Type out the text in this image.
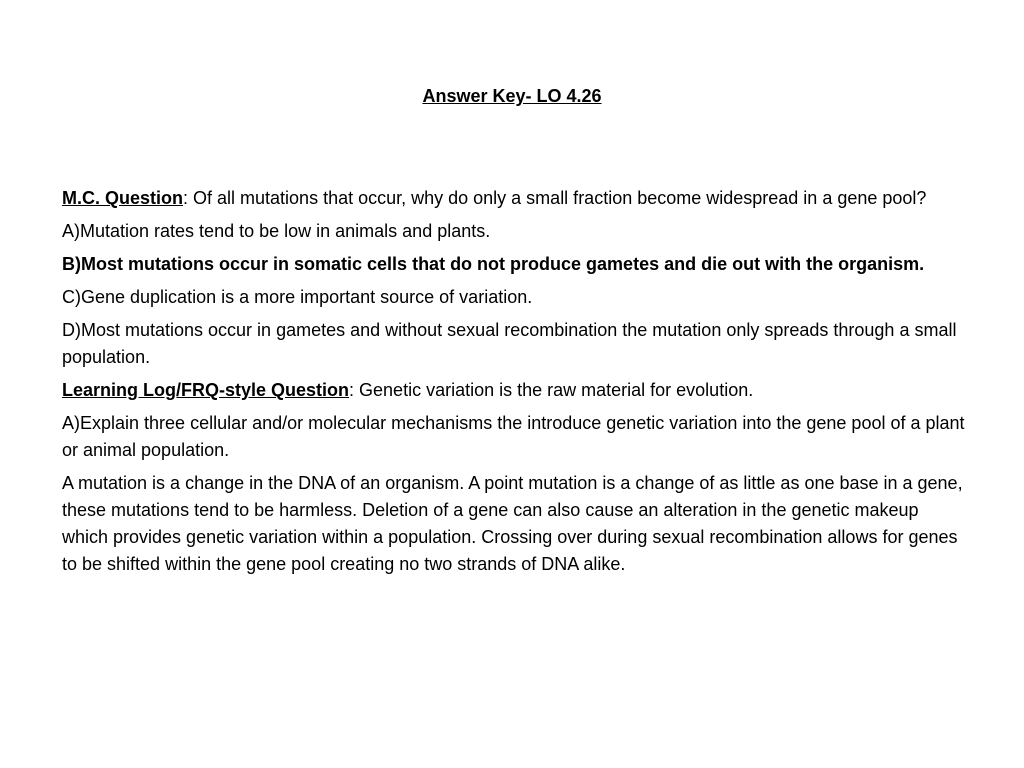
Answer Key- LO 4.26

M.C. Question: Of all mutations that occur, why do only a small fraction become widespread in a gene pool?

A)Mutation rates tend to be low in animals and plants.

B)Most mutations occur in somatic cells that do not produce gametes and die out with the organism.

C)Gene duplication is a more important source of variation.

D)Most mutations occur in gametes and without sexual recombination the mutation only spreads through a small population.

Learning Log/FRQ-style Question: Genetic variation is the raw material for evolution.

A)Explain three cellular and/or molecular mechanisms the introduce genetic variation into the gene pool of a plant or animal population.

A mutation is a change in the DNA of an organism. A point mutation is a change of as little as one base in a gene, these mutations tend to be harmless. Deletion of a gene can also cause an alteration in the genetic makeup which provides genetic variation within a population. Crossing over during sexual recombination allows for genes to be shifted within the gene pool creating no two strands of DNA alike.
